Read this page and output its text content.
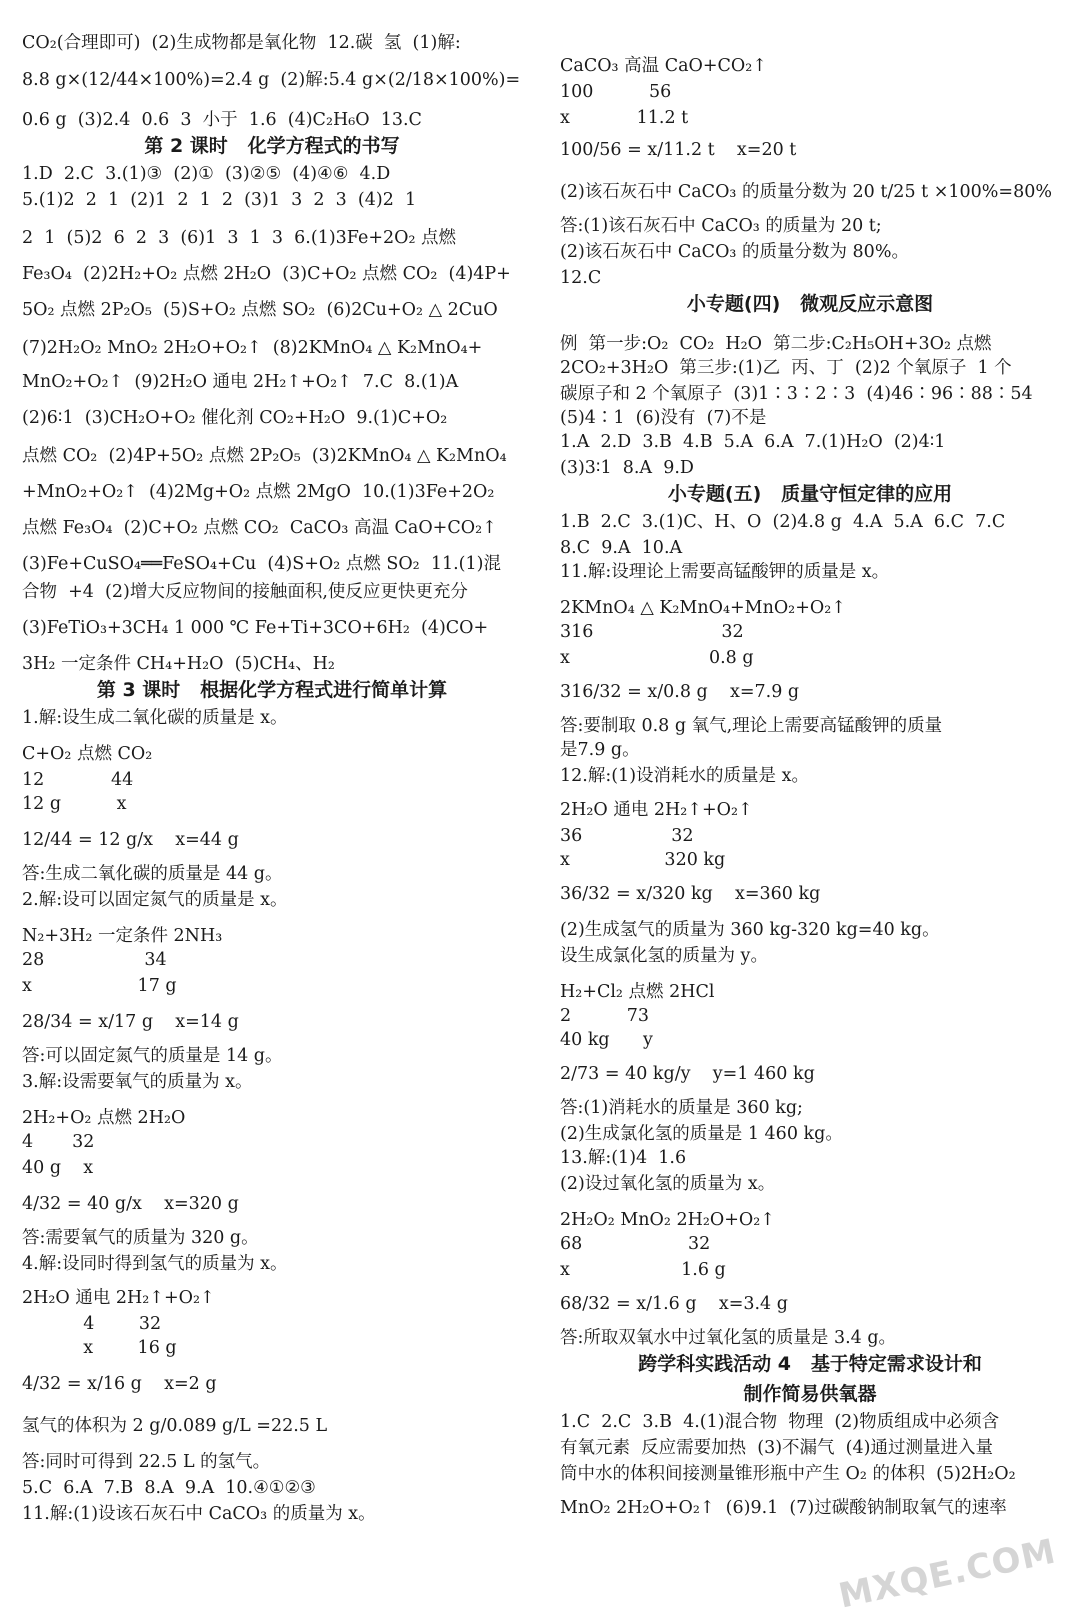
CO₂(合理即可)  (2)生成物都是氧化物  12.碳  氢  (1)解:
8.8 g×(12/44×100%)=2.4 g  (2)解:5.4 g×(2/18×100%)=
0.6 g  (3)2.4  0.6  3  小于  1.6  (4)C₂H₆O  13.C
第 2 课时   化学方程式的书写
1.D  2.C  3.(1)③  (2)①  (3)②⑤  (4)④⑥  4.D
5.(1)2  2  1  (2)1  2  1  2  (3)1  3  2  3  (4)2  1
2  1  (5)2  6  2  3  (6)1  3  1  3  6.(1)3Fe+2O₂ 点燃
Fe₃O₄  (2)2H₂+O₂ 点燃 2H₂O  (3)C+O₂ 点燃 CO₂  (4)4P+
5O₂ 点燃 2P₂O₅  (5)S+O₂ 点燃 SO₂  (6)2Cu+O₂ △ 2CuO
(7)2H₂O₂ MnO₂ 2H₂O+O₂↑  (8)2KMnO₄ △ K₂MnO₄+
MnO₂+O₂↑  (9)2H₂O 通电 2H₂↑+O₂↑  7.C  8.(1)A
(2)6∶1  (3)CH₂O+O₂ 催化剂 CO₂+H₂O  9.(1)C+O₂
点燃 CO₂  (2)4P+5O₂ 点燃 2P₂O₅  (3)2KMnO₄ △ K₂MnO₄
+MnO₂+O₂↑  (4)2Mg+O₂ 点燃 2MgO  10.(1)3Fe+2O₂
点燃 Fe₃O₄  (2)C+O₂ 点燃 CO₂  CaCO₃ 高温 CaO+CO₂↑
(3)Fe+CuSO₄══FeSO₄+Cu  (4)S+O₂ 点燃 SO₂  11.(1)混
合物  +4  (2)增大反应物间的接触面积,使反应更快更充分
(3)FeTiO₃+3CH₄ 1 000 ℃ Fe+Ti+3CO+6H₂  (4)CO+
3H₂ 一定条件 CH₄+H₂O  (5)CH₄、H₂
第 3 课时   根据化学方程式进行简单计算
1.解:设生成二氧化碳的质量是 x。
C+O₂ 点燃 CO₂
12            44
12 g          x
12/44 = 12 g/x    x=44 g
答:生成二氧化碳的质量是 44 g。
2.解:设可以固定氮气的质量是 x。
N₂+3H₂ 一定条件 2NH₃
28                  34
x                   17 g
28/34 = x/17 g    x=14 g
答:可以固定氮气的质量是 14 g。
3.解:设需要氧气的质量为 x。
2H₂+O₂ 点燃 2H₂O
4       32
40 g    x
4/32 = 40 g/x    x=320 g
答:需要氧气的质量为 320 g。
4.解:设同时得到氢气的质量为 x。
2H₂O 通电 2H₂↑+O₂↑
4        32
x        16 g
4/32 = x/16 g    x=2 g
氢气的体积为 2 g/0.089 g/L =22.5 L
答:同时可得到 22.5 L 的氢气。
5.C  6.A  7.B  8.A  9.A  10.④①②③
11.解:(1)设该石灰石中 CaCO₃ 的质量为 x。
CaCO₃ 高温 CaO+CO₂↑
100          56
x            11.2 t
100/56 = x/11.2 t    x=20 t
(2)该石灰石中 CaCO₃ 的质量分数为 20 t/25 t ×100%=80%
答:(1)该石灰石中 CaCO₃ 的质量为 20 t;
(2)该石灰石中 CaCO₃ 的质量分数为 80%。
12.C
小专题(四)   微观反应示意图
例  第一步:O₂  CO₂  H₂O  第二步:C₂H₅OH+3O₂ 点燃
2CO₂+3H₂O  第三步:(1)乙  丙、丁  (2)2 个氧原子  1 个
碳原子和 2 个氧原子  (3)1∶3∶2∶3  (4)46∶96∶88∶54
(5)4∶1  (6)没有  (7)不是
1.A  2.D  3.B  4.B  5.A  6.A  7.(1)H₂O  (2)4∶1
(3)3∶1  8.A  9.D
小专题(五)   质量守恒定律的应用
1.B  2.C  3.(1)C、H、O  (2)4.8 g  4.A  5.A  6.C  7.C
8.C  9.A  10.A
11.解:设理论上需要高锰酸钾的质量是 x。
2KMnO₄ △ K₂MnO₄+MnO₂+O₂↑
316                       32
x                         0.8 g
316/32 = x/0.8 g    x=7.9 g
答:要制取 0.8 g 氧气,理论上需要高锰酸钾的质量
是7.9 g。
12.解:(1)设消耗水的质量是 x。
2H₂O 通电 2H₂↑+O₂↑
36                32
x                 320 kg
36/32 = x/320 kg    x=360 kg
(2)生成氢气的质量为 360 kg-320 kg=40 kg。
设生成氯化氢的质量为 y。
H₂+Cl₂ 点燃 2HCl
2          73
40 kg      y
2/73 = 40 kg/y    y=1 460 kg
答:(1)消耗水的质量是 360 kg;
(2)生成氯化氢的质量是 1 460 kg。
13.解:(1)4  1.6
(2)设过氧化氢的质量为 x。
2H₂O₂ MnO₂ 2H₂O+O₂↑
68                   32
x                    1.6 g
68/32 = x/1.6 g    x=3.4 g
答:所取双氧水中过氧化氢的质量是 3.4 g。
跨学科实践活动 4   基于特定需求设计和
制作简易供氧器
1.C  2.C  3.B  4.(1)混合物  物理  (2)物质组成中必须含
有氧元素  反应需要加热  (3)不漏气  (4)通过测量进入量
筒中水的体积间接测量锥形瓶中产生 O₂ 的体积  (5)2H₂O₂
MnO₂ 2H₂O+O₂↑  (6)9.1  (7)过碳酸钠制取氧气的速率
MXQE.COM
